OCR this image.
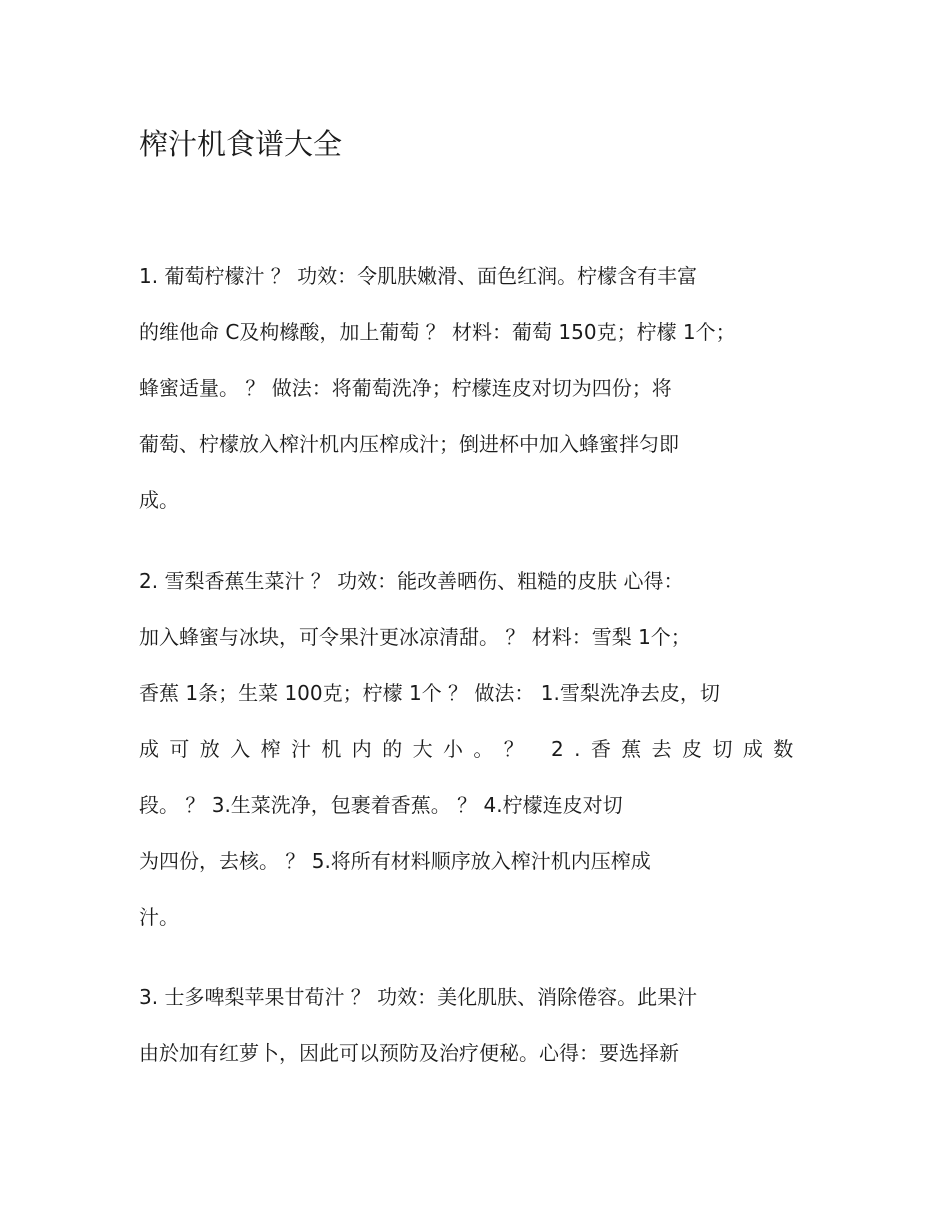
榨汁机食谱大全
1. 葡萄柠檬汁 ？ 功效：令肌肤嫩滑、面色红润。柠檬含有丰富
的维他命 C及枸橼酸，加上葡萄 ？ 材料：葡萄 150克；柠檬 1个；
蜂蜜适量。 ？ 做法：将葡萄洗净；柠檬连皮对切为四份；将
葡萄、柠檬放入榨汁机内压榨成汁；倒进杯中加入蜂蜜拌匀即
成。
2. 雪梨香蕉生菜汁 ？ 功效：能改善晒伤、粗糙的皮肤 心得：
加入蜂蜜与冰块，可令果汁更冰凉清甜。 ？ 材料：雪梨 1个；
香蕉 1条；生菜 100克；柠檬 1个 ？ 做法： 1.雪梨洗净去皮，切
成可放入榨汁机内的大小。？ 2.香蕉去皮切成数
段。 ？ 3.生菜洗净，包裹着香蕉。 ？ 4.柠檬连皮对切
为四份，去核。 ？ 5.将所有材料顺序放入榨汁机内压榨成
汁。
3. 士多啤梨苹果甘荀汁 ？ 功效：美化肌肤、消除倦容。此果汁
由於加有红萝卜，因此可以预防及治疗便秘。心得：要选择新
